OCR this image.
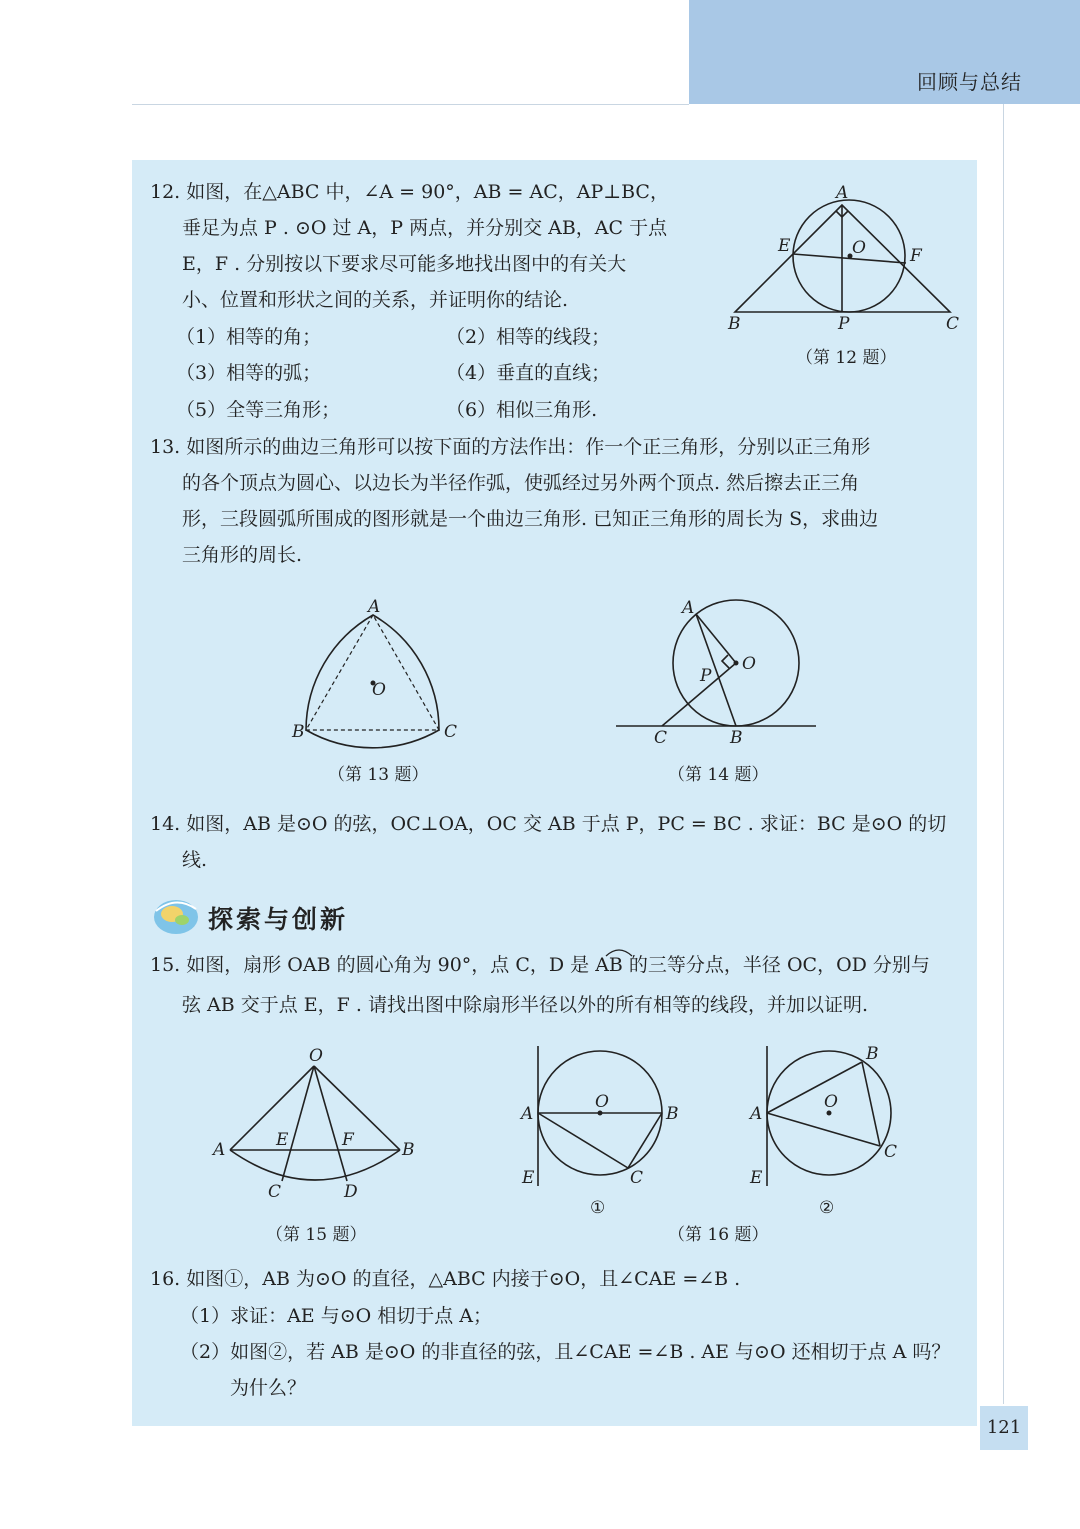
回顾与总结
12. 如图，在△ABC 中，∠A = 90°，AB = AC，AP⊥BC，
垂足为点 P . ⊙O 过 A，P 两点，并分别交 AB，AC 于点
E，F . 分别按以下要求尽可能多地找出图中的有关大
小、位置和形状之间的关系，并证明你的结论.
（1）相等的角；	（2）相等的线段；
（3）相等的弧；	（4）垂直的直线；
（5）全等三角形；	（6）相似三角形.
A
E	O	F
B	P	C
（第 12 题）
13. 如图所示的曲边三角形可以按下面的方法作出：作一个正三角形，分别以正三角形
的各个顶点为圆心、以边长为半径作弧，使弧经过另外两个顶点. 然后擦去正三角
形，三段圆弧所围成的图形就是一个曲边三角形. 已知正三角形的周长为 S，求曲边
三角形的周长.
A
O
B	C
（第 13 题）
A
O
P
C	B
（第 14 题）
14. 如图，AB 是⊙O 的弦，OC⊥OA，OC 交 AB 于点 P，PC = BC . 求证：BC 是⊙O 的切
线.
探索与创新
15. 如图，扇形 OAB 的圆心角为 90°，点 C，D 是 AB 的三等分点，半径 OC，OD 分别与
弦 AB 交于点 E，F . 请找出图中除扇形半径以外的所有相等的线段，并加以证明.
O
A	B
E	F
C	D
（第 15 题）
A
O
B
E	C
①
B
A
O
C
E
②
（第 16 题）
16. 如图①，AB 为⊙O 的直径，△ABC 内接于⊙O，且∠CAE =∠B .
（1）求证：AE 与⊙O 相切于点 A；
（2）如图②，若 AB 是⊙O 的非直径的弦，且∠CAE =∠B . AE 与⊙O 还相切于点 A 吗？
为什么？
121
